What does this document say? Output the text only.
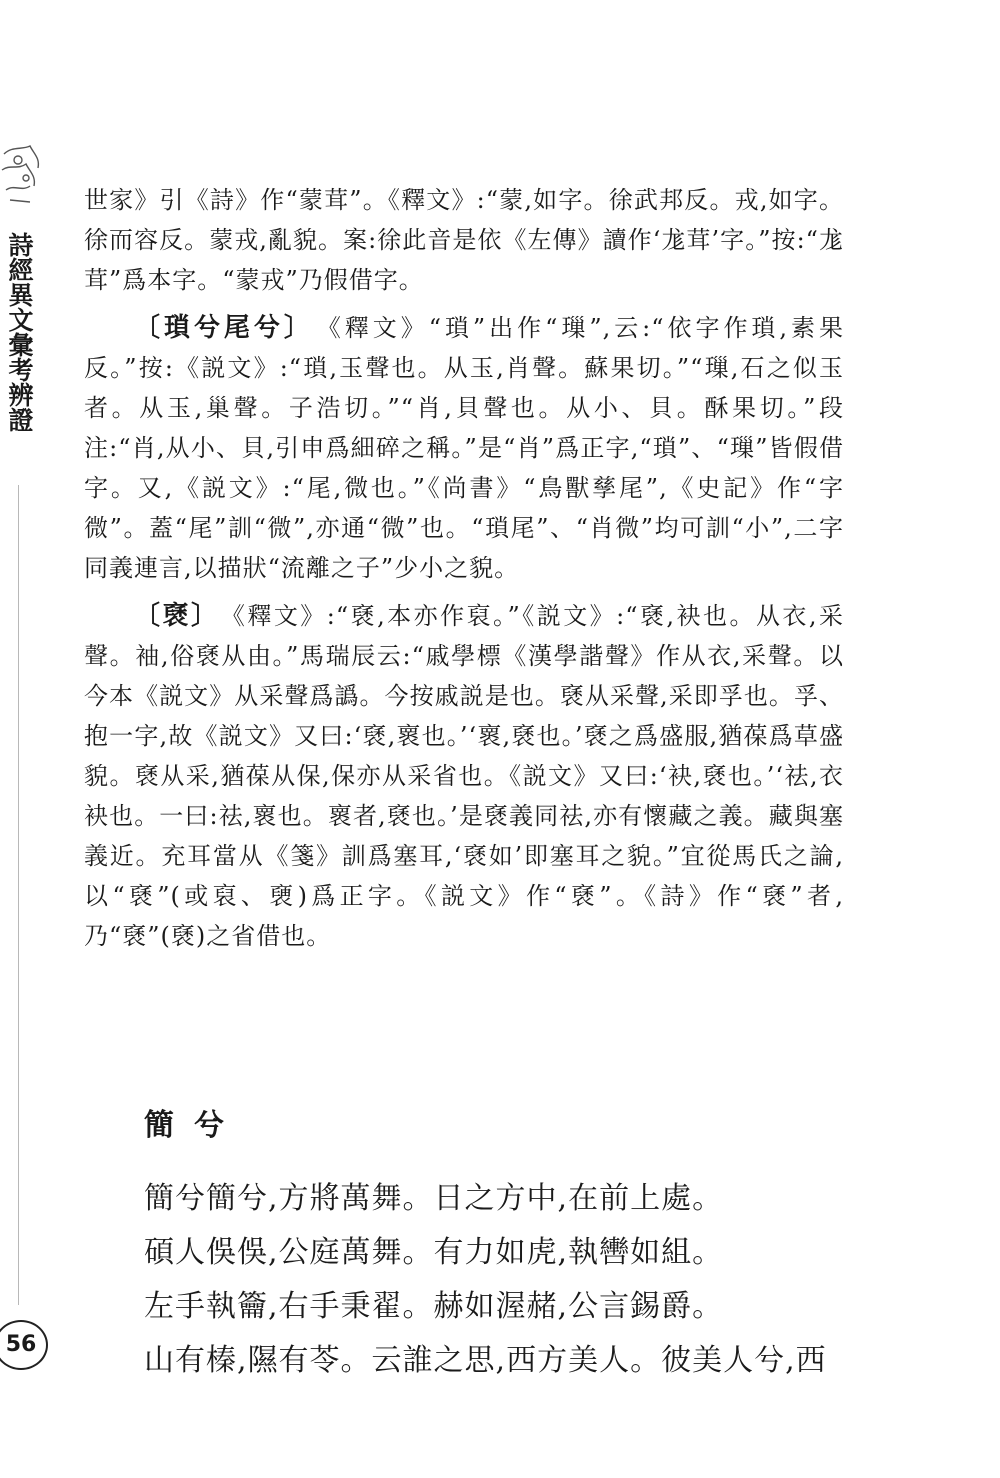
詩經異文彙考辨證
56

世家》引《詩》作“蒙茸”。《釋文》:“蒙,如字。徐武邦反。戎,如字。徐而容反。蒙戎,亂貌。案:徐此音是依《左傳》讀作‘尨茸’字。”按:“尨茸”爲本字。“蒙戎”乃假借字。

〔瑣兮尾兮〕　《釋文》“瑣”出作“璅”,云:“依字作瑣,素果反。”按:《説文》:“瑣,玉聲也。从玉,肖聲。蘇果切。”“璅,石之似玉者。从玉,巢聲。子浩切。”“肖,貝聲也。从小、貝。酥果切。”段注:“肖,从小、貝,引申爲細碎之稱。”是“肖”爲正字,“瑣”、“璅”皆假借字。又,《説文》:“尾,微也。”《尚書》“鳥獸孳尾”,《史記》作“字微”。蓋“尾”訓“微”,亦通“微”也。“瑣尾”、“肖微”均可訓“小”,二字同義連言,以描狀“流離之子”少小之貌。

〔褎〕　《釋文》:“褎,本亦作裒。”《説文》:“褎,袂也。从衣,采聲。袖,俗褎从由。”馬瑞辰云:“戚學標《漢學諧聲》作从衣,采聲。以今本《説文》从采聲爲譌。今按戚説是也。褎从采聲,采即孚也。孚、抱一字,故《説文》又曰:‘褎,褱也。’‘褱,褎也。’褎之爲盛服,猶葆爲草盛貌。褎从采,猶葆从保,保亦从采省也。《説文》又曰:‘袂,褎也。’‘祛,衣袂也。一曰:祛,褱也。褱者,褎也。’是褎義同祛,亦有懷藏之義。藏與塞義近。充耳當从《箋》訓爲塞耳,‘褎如’即塞耳之貌。”宜從馬氏之論,以“褎”(或裒、褏)爲正字。《説文》作“褎”。《詩》作“褎”者,乃“褎”(褎)之省借也。

簡兮
簡兮簡兮,方將萬舞。日之方中,在前上處。
碩人俁俁,公庭萬舞。有力如虎,執轡如組。
左手執籥,右手秉翟。赫如渥赭,公言錫爵。
山有榛,隰有苓。云誰之思,西方美人。彼美人兮,西
